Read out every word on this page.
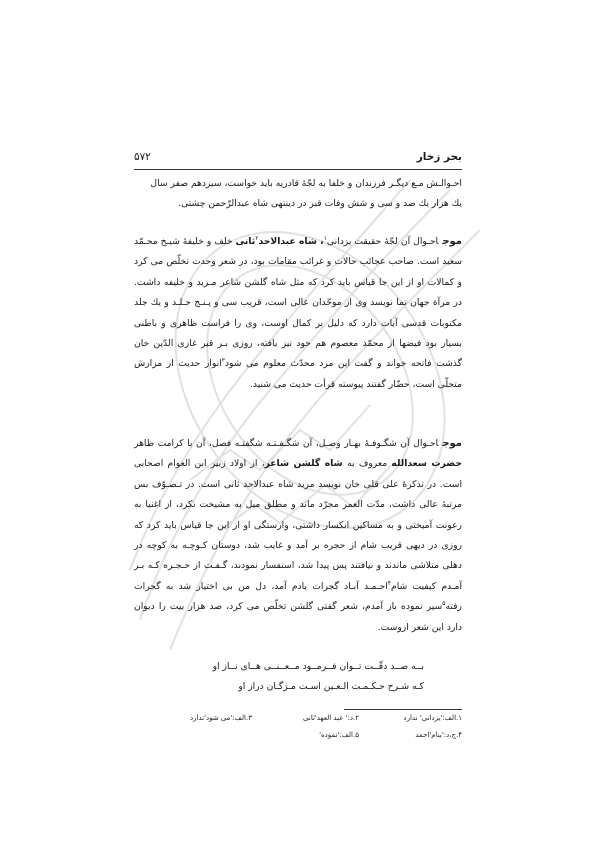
بحر زخار
۵۷۲

احـوالـش مـع دیگـر فرزندان و خلفا به لجّهٔ قادریه باید خواست، سیزدهم صفر سال

یك هزار یك صد و سی و شش وفات قبر در دینتهی شاه عبدالرّحمن چشتی.

موجاحـوال آن لجّهٔ حقیقت یزدانی$^۱$، شاه عبدالاحد$^۲$ثانی خلف و خلیفهٔ شیـخ محـمّد سعید است. صاحب عجائب حالات و غرائب مقامات بود، در شعر وحدت تخلّص می کرد و کمالات او از این جا قیاس باید کرد که مثل شاه گلشن شاعر مـرید و خلیفه داشت. در مرآة جهان نما نویسد وی از موحّدان عالی است، قریب سی و پـنـج جـلـد و یك جلد مکتوبات قدسی آیات دارد که دلیل بر کمال اوست، وی را فراست ظاهری و باطنی بسیار بود فیضها از محمّد معصوم هم خود نیز یافته، روزی بـر قبر غازی الدّین خان گذشت فاتحه خواند و گفت این مرد محدّث معلوم می شود$^۳$انوار حدیث از مزارش متجلّی است، حضّار گفتند پیوسته قرأت حدیث می شنید.

موجاحـوال آن شگـوفـهٔ بهـار وصـل، آن شگـفـتـه شگفتـه فصل، آن با کرامت ظاهر حضرت سعدالله معروف به شاه گلشن شاعر، از اولاد زبیر ابن العوام اصحابی است. در تذکرهٔ علی قلی خان نویسد مرید شاه عبدالاحد ثانی است. در تـصـوّف بس مرتبهٔ عالی داشت، مدّت العمر مجرّد ماند و مطلق میل به مشیخت نکرد، از اغنیا به رعونت آمیختی و به مساکین انکسار داشتی، وارستگی او از این جا قیاس باید کرد که روزی در دیهی قریب شام از حجره بر آمد و غایب شد، دوستان کـوچـه به کوچه در دهلی متلاشی ماندند و نیافتند پس پیدا شد، استفسار نمودند، گـفـت از حـجـره کـه بـر آمـدم کیفیت شام$^۴$احـمـد آبـاد گجرات یادم آمد، دل من بی اختیار شد به گجرات رفته$^۵$سیر نموده باز آمدم، شعر گفتی گلشن تخلّص می کرد، صد هزار بیت را دیوان دارد این شعر ازوست.

بــه صــد دقّــت تــوان فــرمــود مــعــنــی هــای نــاز او
کـه شـرح حـکـمـت الـعـین اسـت مـژگـان دراز او
۱.الف:'یزدانی' ندارد
۲.د:' عبد العهد'ثانی
۳.الف:'می شود'ندارد
۴.ج،د:'بنام'احمد
۵.الف:'نموده'
